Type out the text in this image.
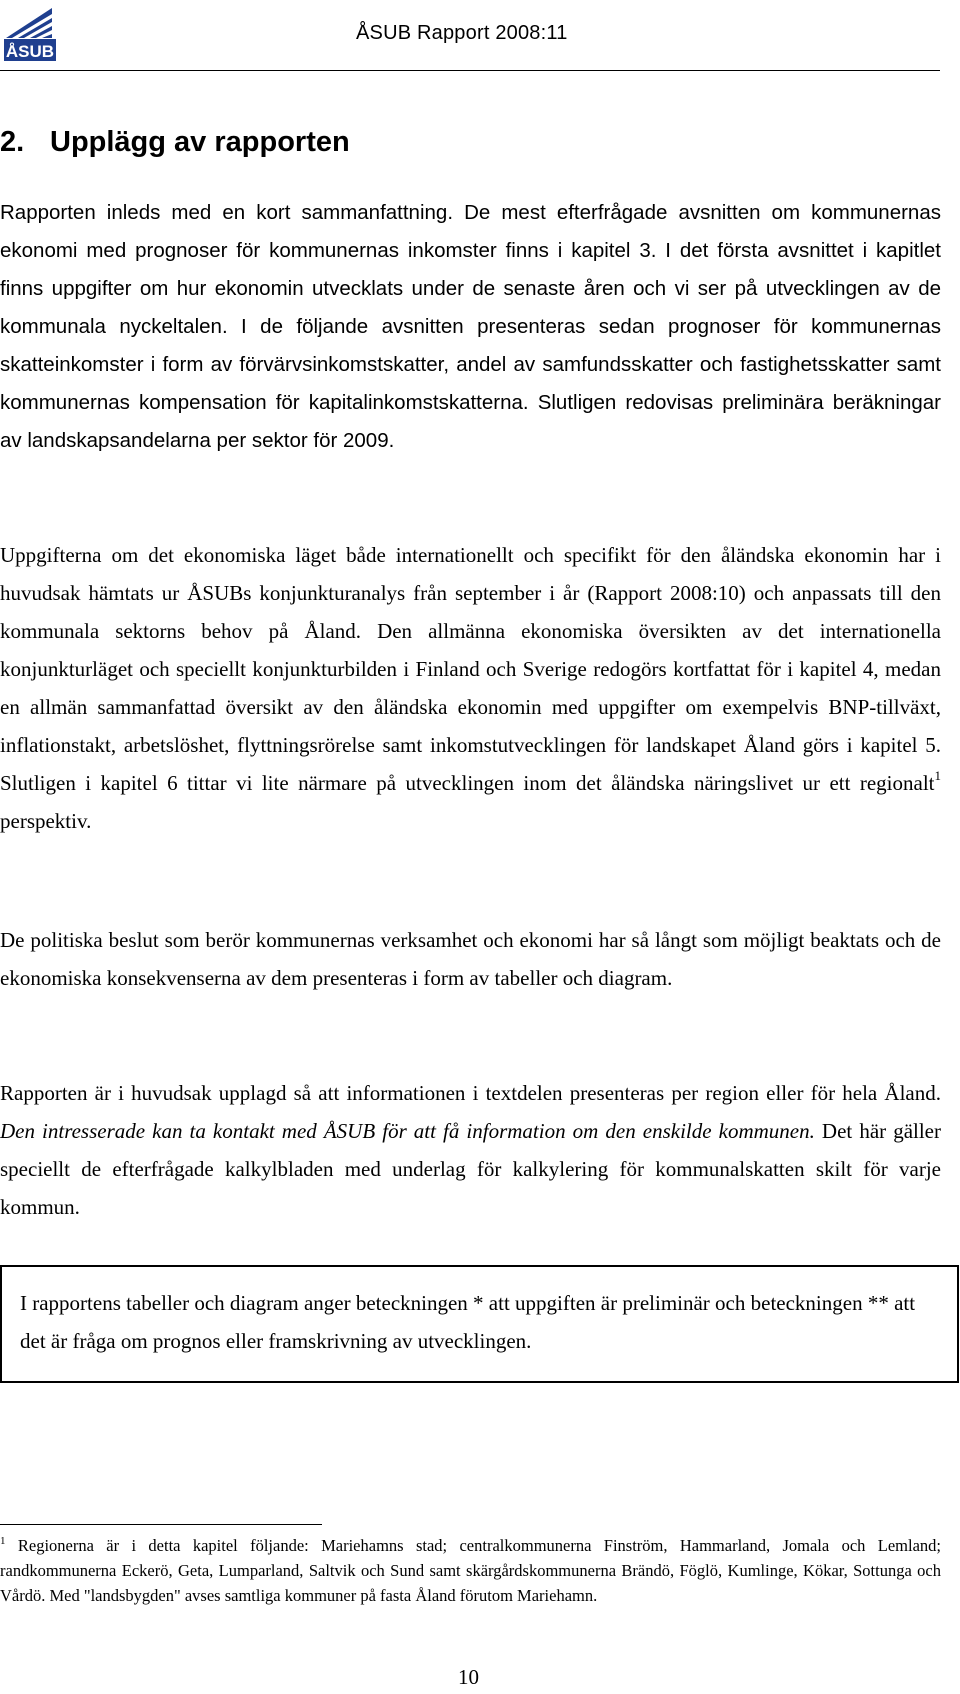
ÅSUB
ÅSUB Rapport 2008:11
2. Upplägg av rapporten

Rapporten inleds med en kort sammanfattning. De mest efterfrågade avsnitten om kommunernas ekonomi med prognoser för kommunernas inkomster finns i kapitel 3. I det första avsnittet i kapitlet finns uppgifter om hur ekonomin utvecklats under de senaste åren och vi ser på utvecklingen av de kommunala nyckeltalen. I de följande avsnitten presenteras sedan prognoser för kommunernas skatteinkomster i form av förvärvsinkomstskatter, andel av samfundsskatter och fastighetsskatter samt kommunernas kompensation för kapitalinkomstskatterna. Slutligen redovisas preliminära beräkningar av landskapsandelarna per sektor för 2009.

Uppgifterna om det ekonomiska läget både internationellt och specifikt för den åländska ekonomin har i huvudsak hämtats ur ÅSUBs konjunkturanalys från september i år (Rapport 2008:10) och anpassats till den kommunala sektorns behov på Åland. Den allmänna ekonomiska översikten av det internationella konjunkturläget och speciellt konjunkturbilden i Finland och Sverige redogörs kortfattat för i kapitel 4, medan en allmän sammanfattad översikt av den åländska ekonomin med uppgifter om exempelvis BNP-tillväxt, inflationstakt, arbetslöshet, flyttningsrörelse samt inkomstutvecklingen för landskapet Åland görs i kapitel 5. Slutligen i kapitel 6 tittar vi lite närmare på utvecklingen inom det åländska näringslivet ur ett regionalt$^1$ perspektiv.

De politiska beslut som berör kommunernas verksamhet och ekonomi har så långt som möjligt beaktats och de ekonomiska konsekvenserna av dem presenteras i form av tabeller och diagram.

Rapporten är i huvudsak upplagd så att informationen i textdelen presenteras per region eller för hela Åland. Den intresserade kan ta kontakt med ÅSUB för att få information om den enskilde kommunen. Det här gäller speciellt de efterfrågade kalkylbladen med underlag för kalkylering för kommunalskatten skilt för varje kommun.

I rapportens tabeller och diagram anger beteckningen * att uppgiften är preliminär och beteckningen ** att det är fråga om prognos eller framskrivning av utvecklingen.

$^1$ Regionerna är i detta kapitel följande: Mariehamns stad; centralkommunerna Finström, Hammarland, Jomala och Lemland; randkommunerna Eckerö, Geta, Lumparland, Saltvik och Sund samt skärgårdskommunerna Brändö, Föglö, Kumlinge, Kökar, Sottunga och Vårdö. Med "landsbygden" avses samtliga kommuner på fasta Åland förutom Mariehamn.

10
